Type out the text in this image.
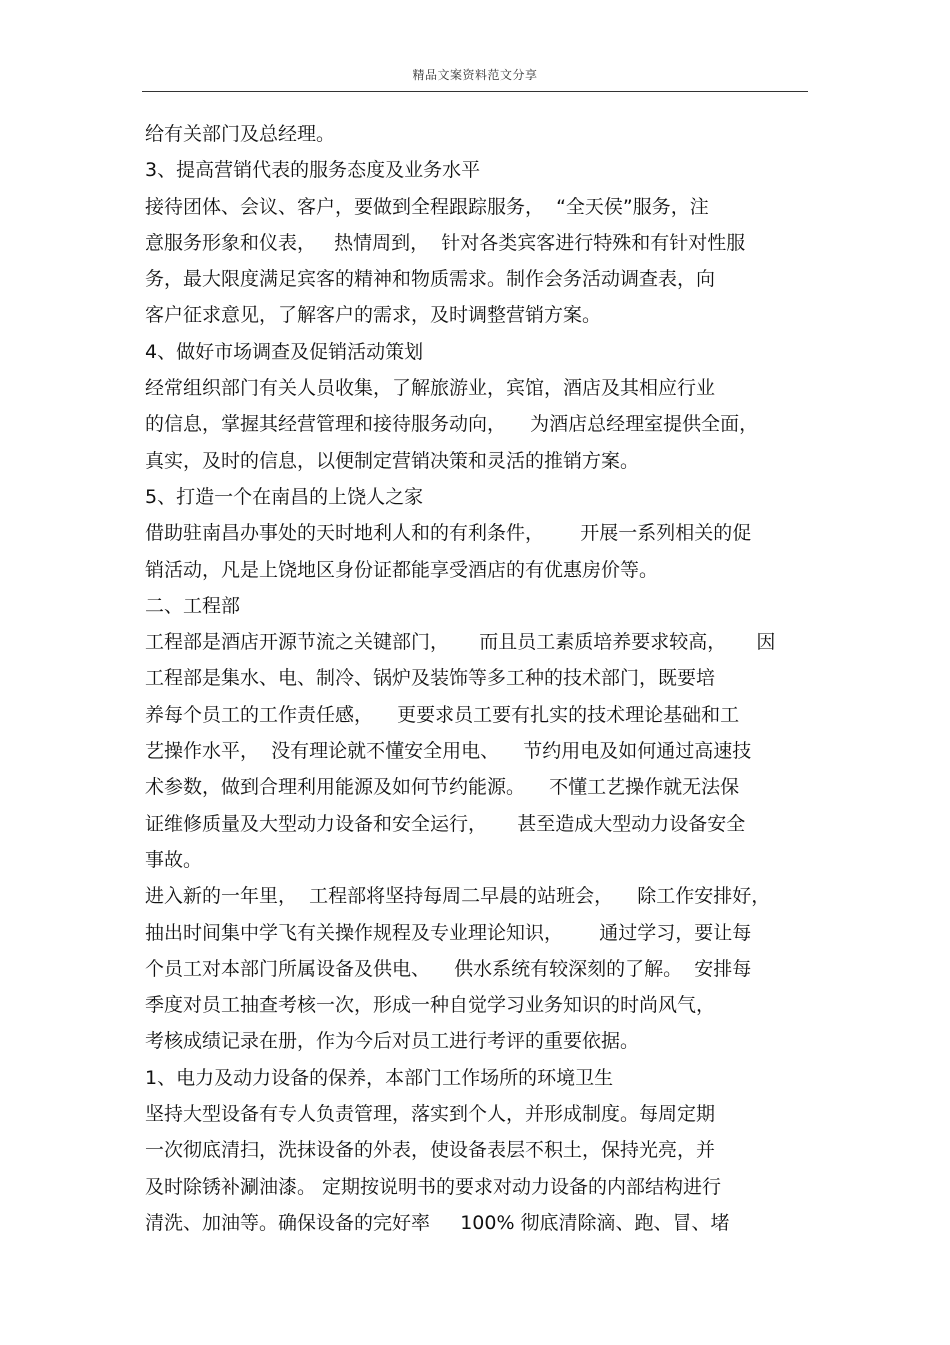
精品文案资料范文分享
给有关部门及总经理。
3、提高营销代表的服务态度及业务水平
接待团体、会议、客户，要做到全程跟踪服务，  “全天侯”服务，注
意服务形象和仪表，   热情周到，  针对各类宾客进行特殊和有针对性服
务，最大限度满足宾客的精神和物质需求。制作会务活动调查表，向
客户征求意见，了解客户的需求，及时调整营销方案。
4、做好市场调查及促销活动策划
经常组织部门有关人员收集，了解旅游业，宾馆，酒店及其相应行业
的信息，掌握其经营管理和接待服务动向，    为酒店总经理室提供全面，
真实，及时的信息，以便制定营销决策和灵活的推销方案。
5、打造一个在南昌的上饶人之家
借助驻南昌办事处的天时地利人和的有利条件，      开展一系列相关的促
销活动，凡是上饶地区身份证都能享受酒店的有优惠房价等。
二、工程部
工程部是酒店开源节流之关键部门，     而且员工素质培养要求较高，     因
工程部是集水、电、制冷、锅炉及装饰等多工种的技术部门，既要培
养每个员工的工作责任感，    更要求员工要有扎实的技术理论基础和工
艺操作水平，  没有理论就不懂安全用电、    节约用电及如何通过高速技
术参数，做到合理利用能源及如何节约能源。    不懂工艺操作就无法保
证维修质量及大型动力设备和安全运行，     甚至造成大型动力设备安全
事故。
进入新的一年里，  工程部将坚持每周二早晨的站班会，    除工作安排好，
抽出时间集中学飞有关操作规程及专业理论知识，      通过学习，要让每
个员工对本部门所属设备及供电、    供水系统有较深刻的了解。  安排每
季度对员工抽查考核一次，形成一种自觉学习业务知识的时尚风气，
考核成绩记录在册，作为今后对员工进行考评的重要依据。
1、电力及动力设备的保养，本部门工作场所的环境卫生
坚持大型设备有专人负责管理，落实到个人，并形成制度。每周定期
一次彻底清扫，洗抹设备的外表，使设备表层不积土，保持光亮，并
及时除锈补涮油漆。 定期按说明书的要求对动力设备的内部结构进行
清洗、加油等。确保设备的完好率     100% 彻底清除滴、跑、冒、堵
